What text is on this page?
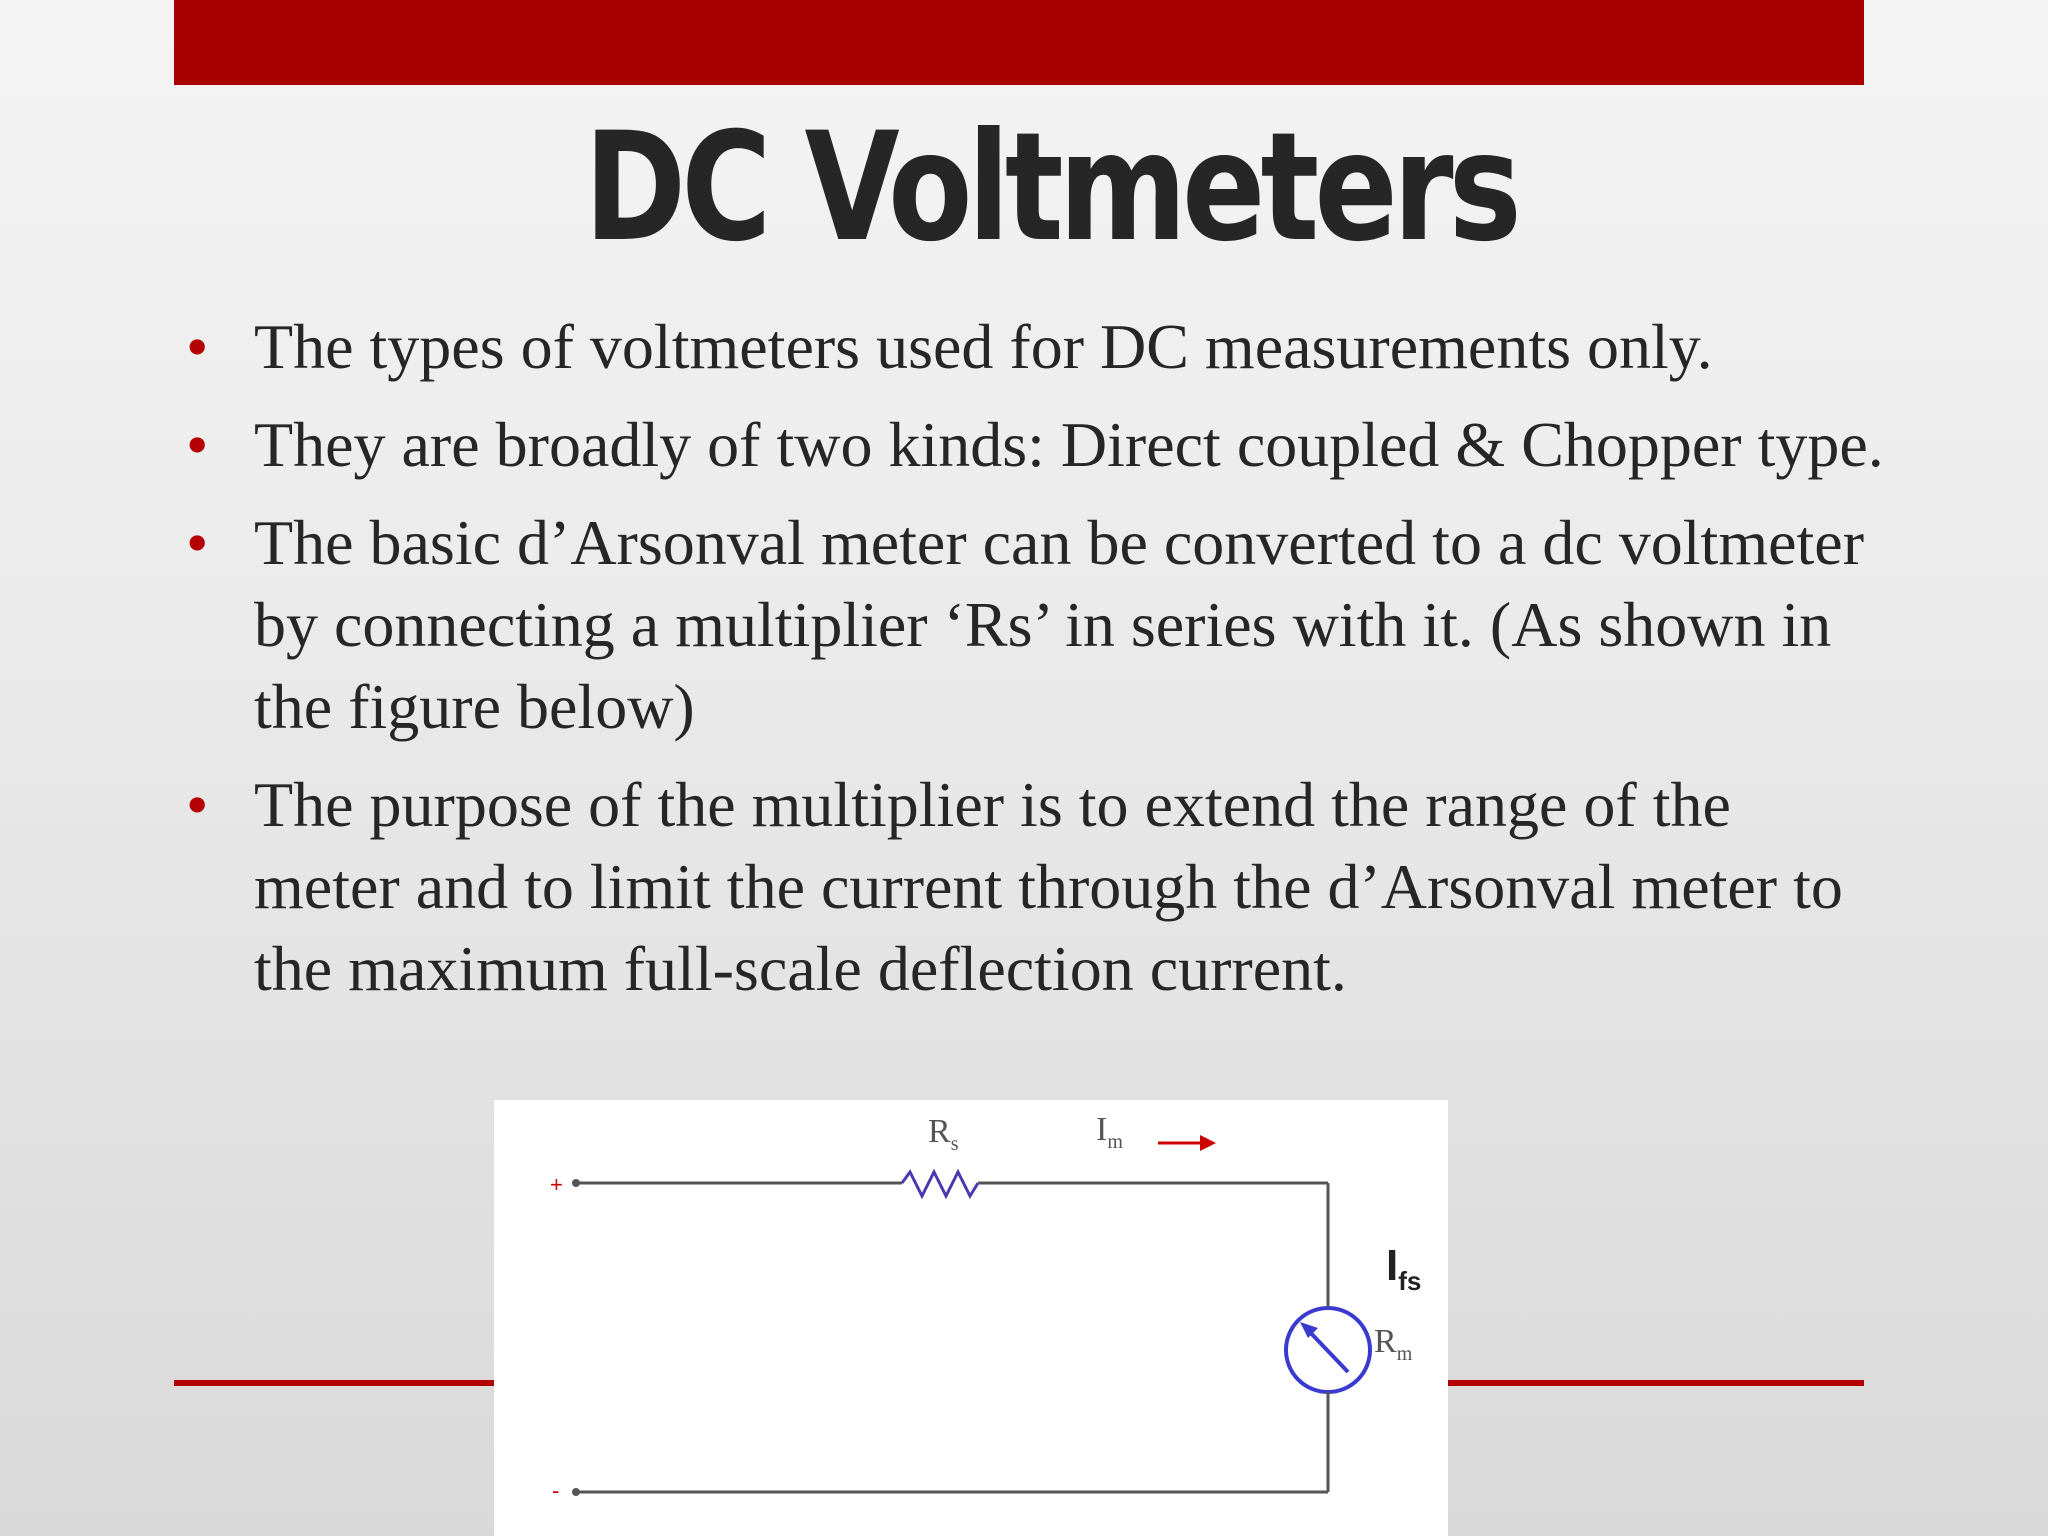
DC Voltmeters
• The types of voltmeters used for DC measurements only.
• They are broadly of two kinds: Direct coupled & Chopper type.
• The basic d’Arsonval meter can be converted to a dc voltmeter by connecting a multiplier ‘Rs’ in series with it. (As shown in the figure below)
• The purpose of the multiplier is to extend the range of the meter and to limit the current through the d’Arsonval meter to the maximum full-scale deflection current.
+
-
$R_s$	$I_m$
$I_{fs}$
$R_m$
